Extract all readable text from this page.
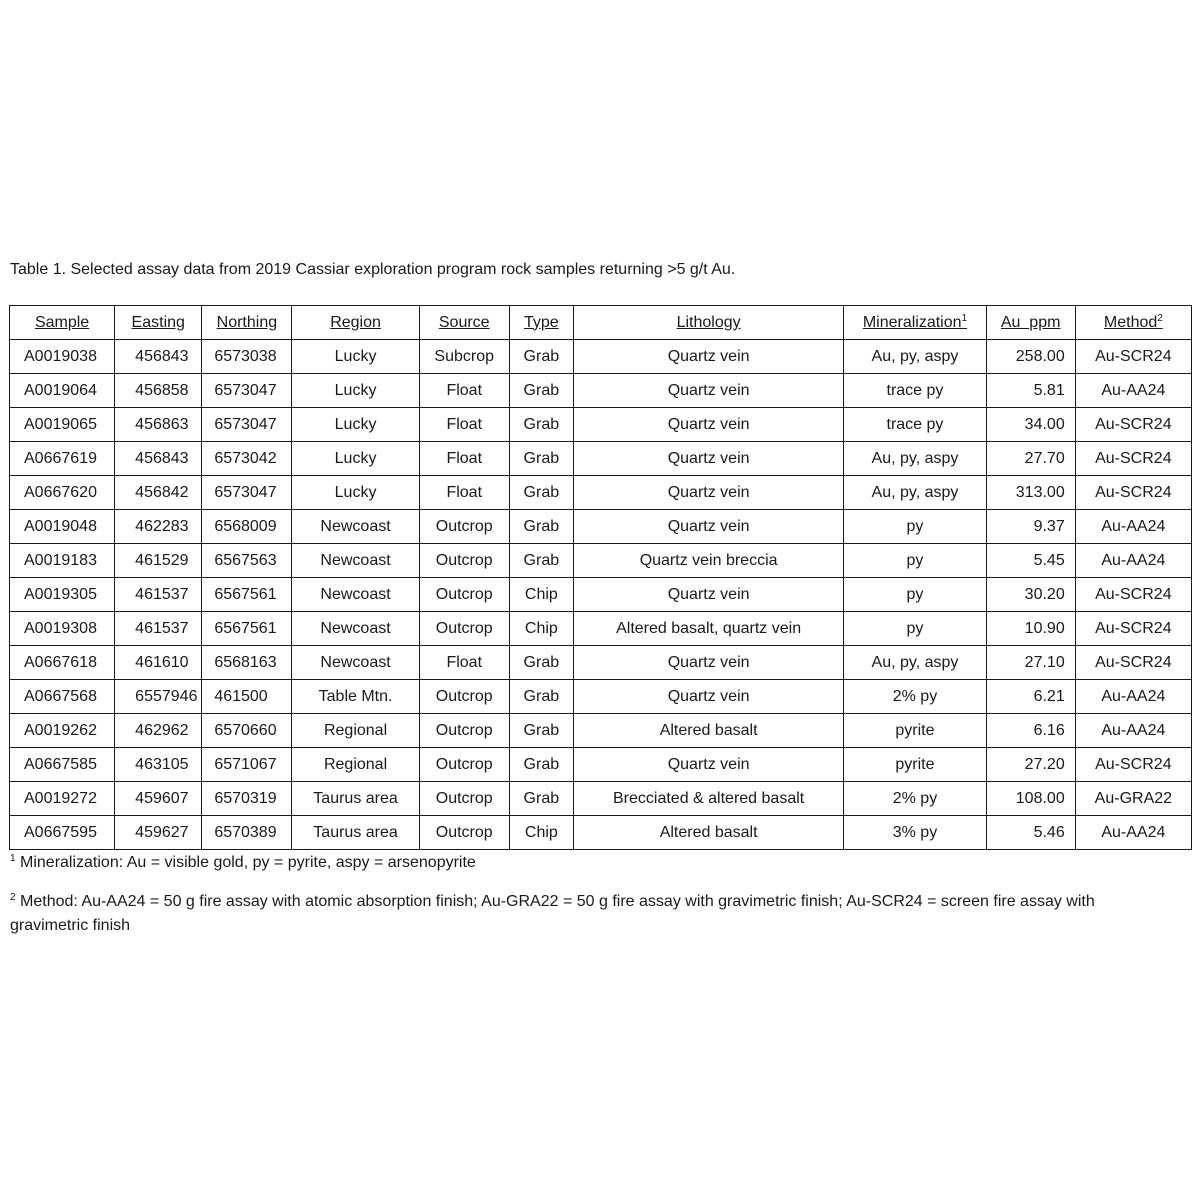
Table 1. Selected assay data from 2019 Cassiar exploration program rock samples returning >5 g/t Au.
Sample	Easting	Northing	Region	Source	Type	Lithology	Mineralization$^1$	Au  ppm	Method$^2$
A0019038	456843	6573038	Lucky	Subcrop	Grab	Quartz vein	Au, py, aspy	258.00	Au-SCR24
A0019064	456858	6573047	Lucky	Float	Grab	Quartz vein	trace py	5.81	Au-AA24
A0019065	456863	6573047	Lucky	Float	Grab	Quartz vein	trace py	34.00	Au-SCR24
A0667619	456843	6573042	Lucky	Float	Grab	Quartz vein	Au, py, aspy	27.70	Au-SCR24
A0667620	456842	6573047	Lucky	Float	Grab	Quartz vein	Au, py, aspy	313.00	Au-SCR24
A0019048	462283	6568009	Newcoast	Outcrop	Grab	Quartz vein	py	9.37	Au-AA24
A0019183	461529	6567563	Newcoast	Outcrop	Grab	Quartz vein breccia	py	5.45	Au-AA24
A0019305	461537	6567561	Newcoast	Outcrop	Chip	Quartz vein	py	30.20	Au-SCR24
A0019308	461537	6567561	Newcoast	Outcrop	Chip	Altered basalt, quartz vein	py	10.90	Au-SCR24
A0667618	461610	6568163	Newcoast	Float	Grab	Quartz vein	Au, py, aspy	27.10	Au-SCR24
A0667568	6557946	461500	Table Mtn.	Outcrop	Grab	Quartz vein	2% py	6.21	Au-AA24
A0019262	462962	6570660	Regional	Outcrop	Grab	Altered basalt	pyrite	6.16	Au-AA24
A0667585	463105	6571067	Regional	Outcrop	Grab	Quartz vein	pyrite	27.20	Au-SCR24
A0019272	459607	6570319	Taurus area	Outcrop	Grab	Brecciated & altered basalt	2% py	108.00	Au-GRA22
A0667595	459627	6570389	Taurus area	Outcrop	Chip	Altered basalt	3% py	5.46	Au-AA24
$^1$ Mineralization: Au = visible gold, py = pyrite, aspy = arsenopyrite
$^2$ Method: Au-AA24 = 50 g fire assay with atomic absorption finish; Au-GRA22 = 50 g fire assay with gravimetric finish; Au-SCR24 = screen fire assay with gravimetric finish
